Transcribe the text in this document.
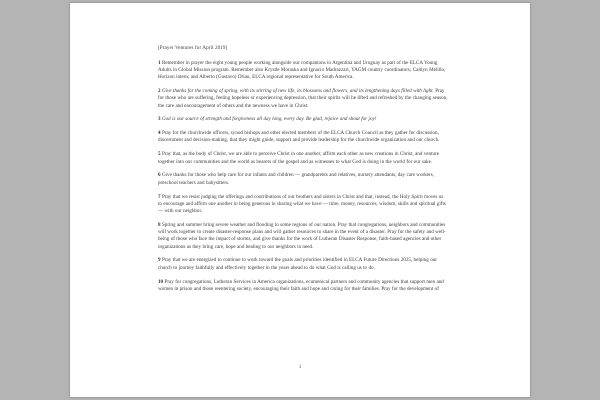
[Prayer Ventures for April 2019]

1 Remember in prayer the eight young people working alongside our companions in Argentina and Uruguay as part of the ELCA Young Adults in Global Mission program. Remember also Krystle Moraska and Ignacio Madrazzari, YAGM country coordinators; Caitlyn Melillo, Horizon intern; and Alberto (Gustavo) Driau, ELCA regional representative for South America.

2 Give thanks for the coming of spring, with its stirring of new life, its blossoms and flowers, and its lengthening days filled with light. Pray for those who are suffering, feeling hopeless or experiencing depression, that their spirits will be lifted and refreshed by the changing season, the care and encouragement of others and the newness we have in Christ.

3 God is our source of strength and forgiveness all day long, every day. Be glad, rejoice and shout for joy!

4 Pray for the churchwide officers, synod bishops and other elected members of the ELCA Church Council as they gather for discussion, discernment and decision-making, that they might guide, support and provide leadership for the churchwide organization and our church.

5 Pray that, as the body of Christ, we are able to perceive Christ in one another, affirm each other as new creations in Christ, and venture together into our communities and the world as bearers of the gospel and as witnesses to what God is doing in the world for our sake.

6 Give thanks for those who help care for our infants and children — grandparents and relatives, nursery attendants, day care workers, preschool teachers and babysitters.

7 Pray that we resist judging the offerings and contributions of our brothers and sisters in Christ and that, instead, the Holy Spirit moves us to encourage and affirm one another in being generous in sharing what we have — time, money, resources, wisdom, skills and spiritual gifts — with our neighbor.

8 Spring and summer bring severe weather and flooding to some regions of our nation. Pray that congregations, neighbors and communities will work together to create disaster-response plans and will gather resources to share in the event of a disaster. Pray for the safety and well-being of those who face the impact of storms, and give thanks for the work of Lutheran Disaster Response, faith-based agencies and other organizations as they bring care, hope and healing to our neighbors in need.

9 Pray that we are energized to continue to work toward the goals and priorities identified in ELCA Future Directions 2025, helping our church to journey faithfully and effectively together in the years ahead to do what God is calling us to do.

10 Pray for congregations, Lutheran Services in America organizations, ecumenical partners and community agencies that support men and women in prison and those reentering society, encouraging their faith and hope and caring for their families. Pray for the development of

1
